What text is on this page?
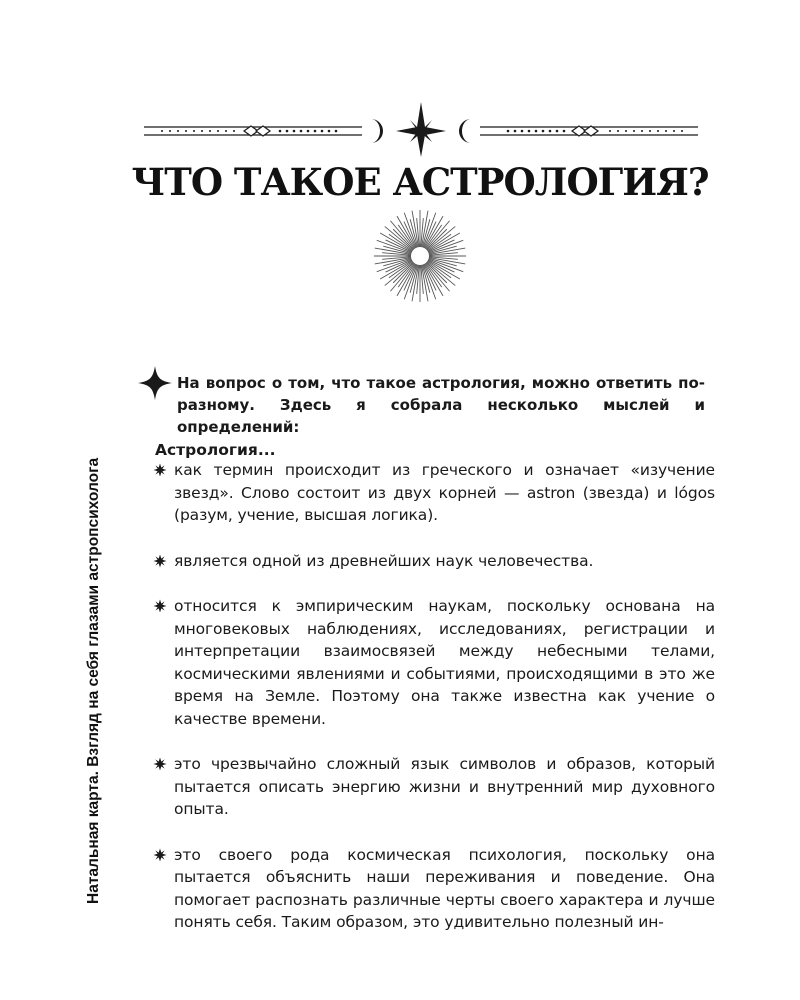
Натальная карта. Взгляд на себя глазами астропсихолога
ЧТО ТАКОЕ АСТРОЛОГИЯ?

На вопрос о том, что такое астрология, можно ответить по-разному. Здесь я собрала несколько мыслей и определений:

Астрология...

как термин происходит из греческого и означает «изучение звезд». Слово состоит из двух корней — astron (звезда) и lógos (разум, учение, высшая логика).
является одной из древнейших наук человечества.
относится к эмпирическим наукам, поскольку основана на многовековых наблюдениях, исследованиях, регистрации и интерпретации взаимосвязей между небесными телами, космическими явлениями и событиями, происходящими в это же время на Земле. Поэтому она также известна как учение о качестве времени.
это чрезвычайно сложный язык символов и образов, который пытается описать энергию жизни и внутренний мир духовного опыта.
это своего рода космическая психология, поскольку она пытается объяснить наши переживания и поведение. Она помогает распознать различные черты своего характера и лучше понять себя. Таким образом, это удивительно полезный ин-
